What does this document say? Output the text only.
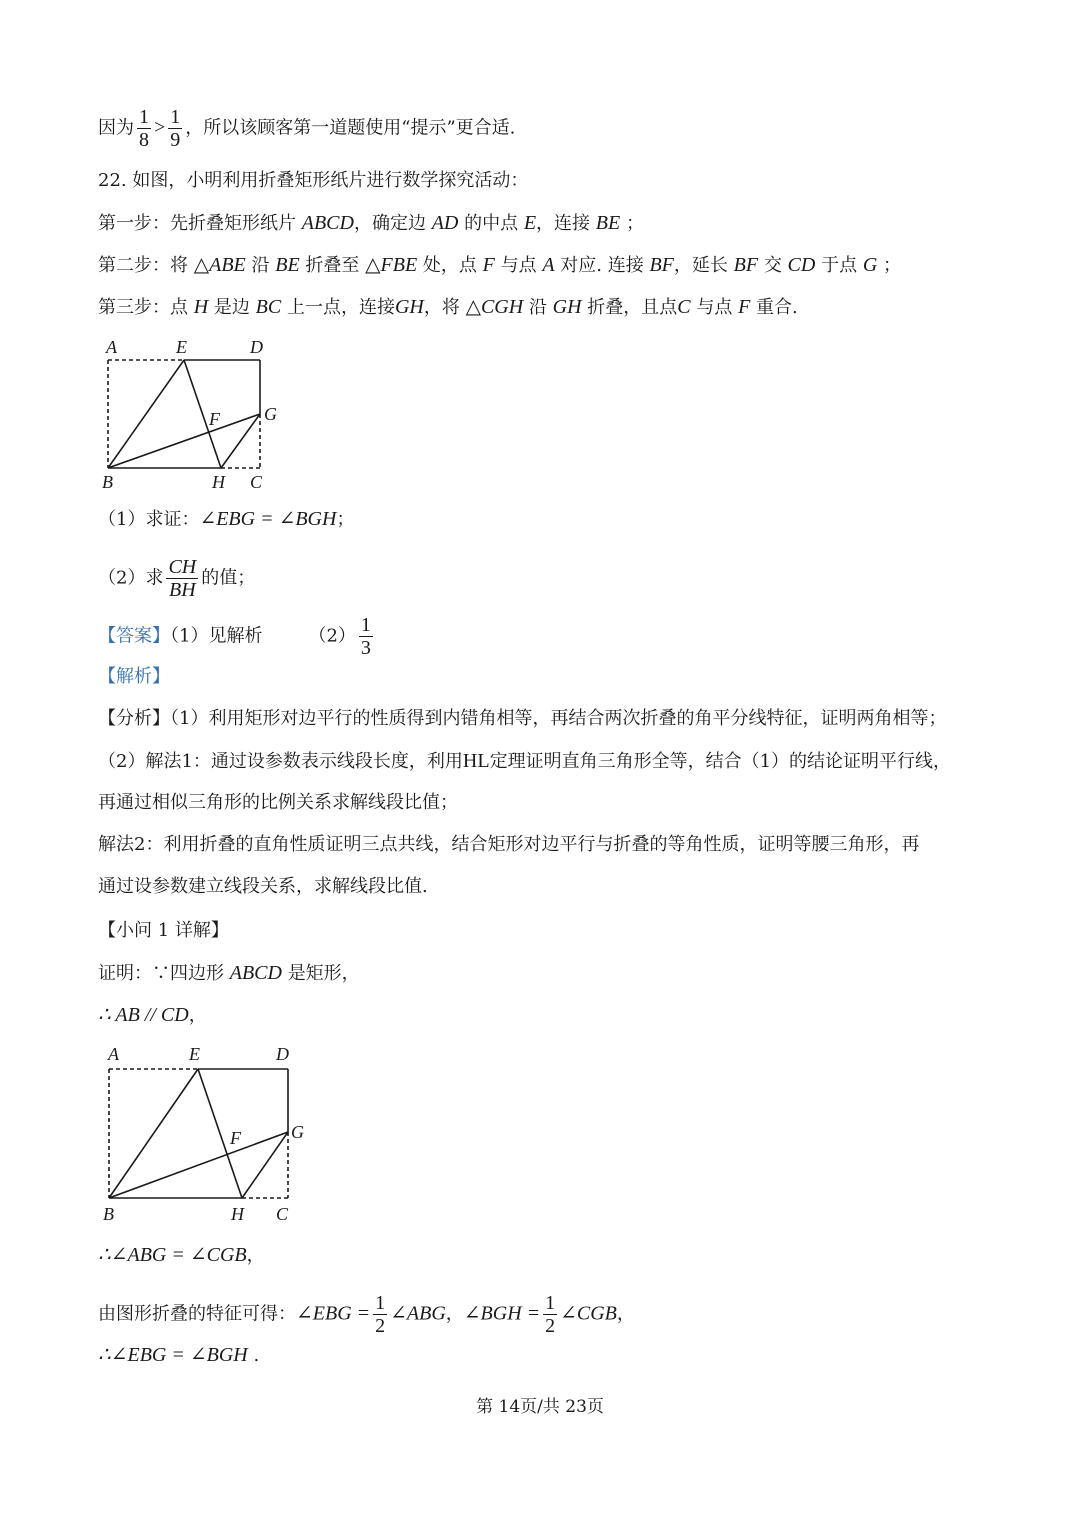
因为 $\frac{1}{8} > \frac{1}{9}$ ，所以该顾客第一道题使用“提示”更合适.
22. 如图，小明利用折叠矩形纸片进行数学探究活动：
第一步：先折叠矩形纸片 ABCD，确定边 AD 的中点 E，连接 BE ；
第二步：将 △ABE 沿 BE 折叠至 △FBE 处，点 F 与点 A 对应. 连接 BF，延长 BF 交 CD 于点 G ；
第三步：点 H 是边 BC 上一点，连接GH，将 △CGH 沿 GH 折叠，且点C 与点 F 重合.
A	E	D
F G
B	H C
（1）求证：∠EBG = ∠BGH；
（2）求 $\frac{CH}{BH}$ 的值；
【答案】（1）见解析	$(2) \frac{1}{3}$
【解析】
【分析】（1）利用矩形对边平行的性质得到内错角相等，再结合两次折叠的角平分线特征，证明两角相等；
（2）解法1：通过设参数表示线段长度，利用HL定理证明直角三角形全等，结合（1）的结论证明平行线，
再通过相似三角形的比例关系求解线段比值；
解法2：利用折叠的直角性质证明三点共线，结合矩形对边平行与折叠的等角性质，证明等腰三角形，再
通过设参数建立线段关系，求解线段比值.
【小问 1 详解】
证明：∵四边形 ABCD 是矩形，
∴ AB // CD，
A	E	D
F	G
B	H C
∴∠ABG = ∠CGB，
由图形折叠的特征可得：∠EBG = $\frac{1}{2}$ ∠ABG，∠BGH = $\frac{1}{2}$ ∠CGB，
∴∠EBG = ∠BGH .
第 14页/共 23页
